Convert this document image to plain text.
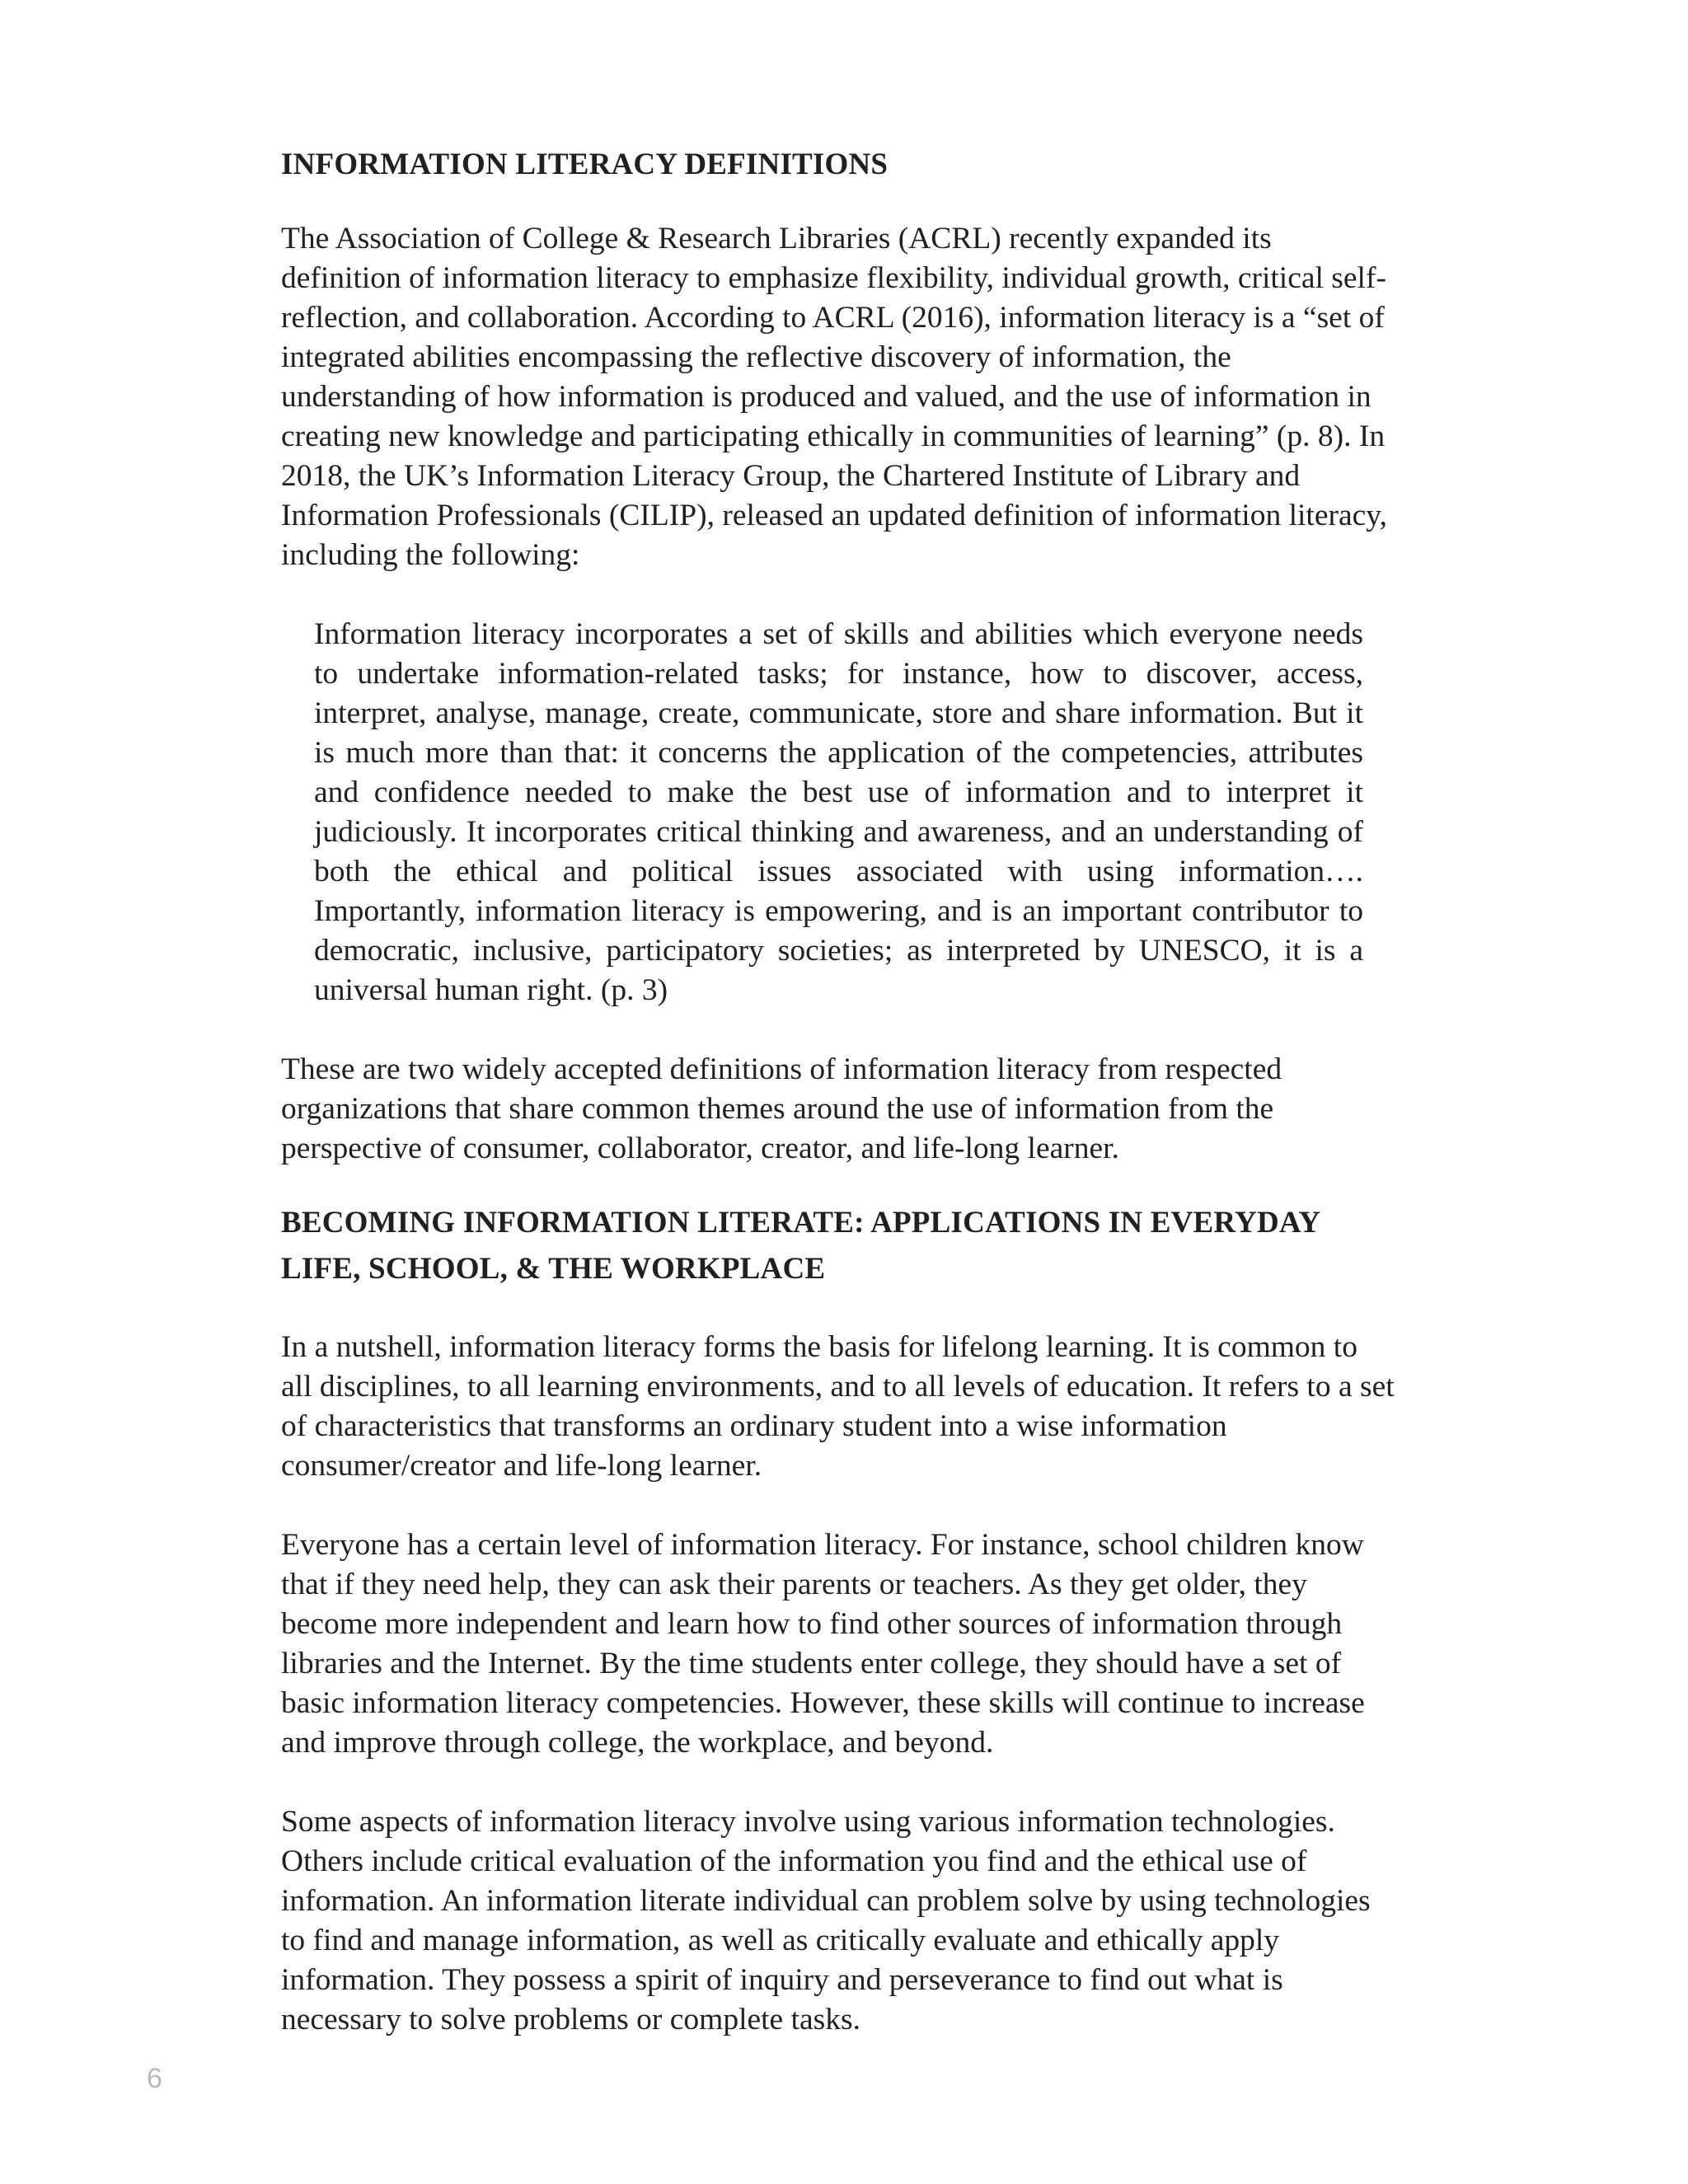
INFORMATION LITERACY DEFINITIONS

The Association of College & Research Libraries (ACRL) recently expanded its definition of information literacy to emphasize flexibility, individual growth, critical self-reflection, and collaboration. According to ACRL (2016), information literacy is a “set of integrated abilities encompassing the reflective discovery of information, the understanding of how information is produced and valued, and the use of information in creating new knowledge and participating ethically in communities of learning” (p. 8). In 2018, the UK’s Information Literacy Group, the Chartered Institute of Library and Information Professionals (CILIP), released an updated definition of information literacy, including the following:

Information literacy incorporates a set of skills and abilities which everyone needs to undertake information-related tasks; for instance, how to discover, access, interpret, analyse, manage, create, communicate, store and share information. But it is much more than that: it concerns the application of the competencies, attributes and confidence needed to make the best use of information and to interpret it judiciously. It incorporates critical thinking and awareness, and an understanding of both the ethical and political issues associated with using information…. Importantly, information literacy is empowering, and is an important contributor to democratic, inclusive, participatory societies; as interpreted by UNESCO, it is a universal human right. (p. 3)

These are two widely accepted definitions of information literacy from respected organizations that share common themes around the use of information from the perspective of consumer, collaborator, creator, and life-long learner.

BECOMING INFORMATION LITERATE: APPLICATIONS IN EVERYDAY LIFE, SCHOOL, & THE WORKPLACE

In a nutshell, information literacy forms the basis for lifelong learning. It is common to all disciplines, to all learning environments, and to all levels of education. It refers to a set of characteristics that transforms an ordinary student into a wise information consumer/creator and life-long learner.

Everyone has a certain level of information literacy. For instance, school children know that if they need help, they can ask their parents or teachers. As they get older, they become more independent and learn how to find other sources of information through libraries and the Internet. By the time students enter college, they should have a set of basic information literacy competencies. However, these skills will continue to increase and improve through college, the workplace, and beyond.

Some aspects of information literacy involve using various information technologies. Others include critical evaluation of the information you find and the ethical use of information. An information literate individual can problem solve by using technologies to find and manage information, as well as critically evaluate and ethically apply information. They possess a spirit of inquiry and perseverance to find out what is necessary to solve problems or complete tasks.

6
